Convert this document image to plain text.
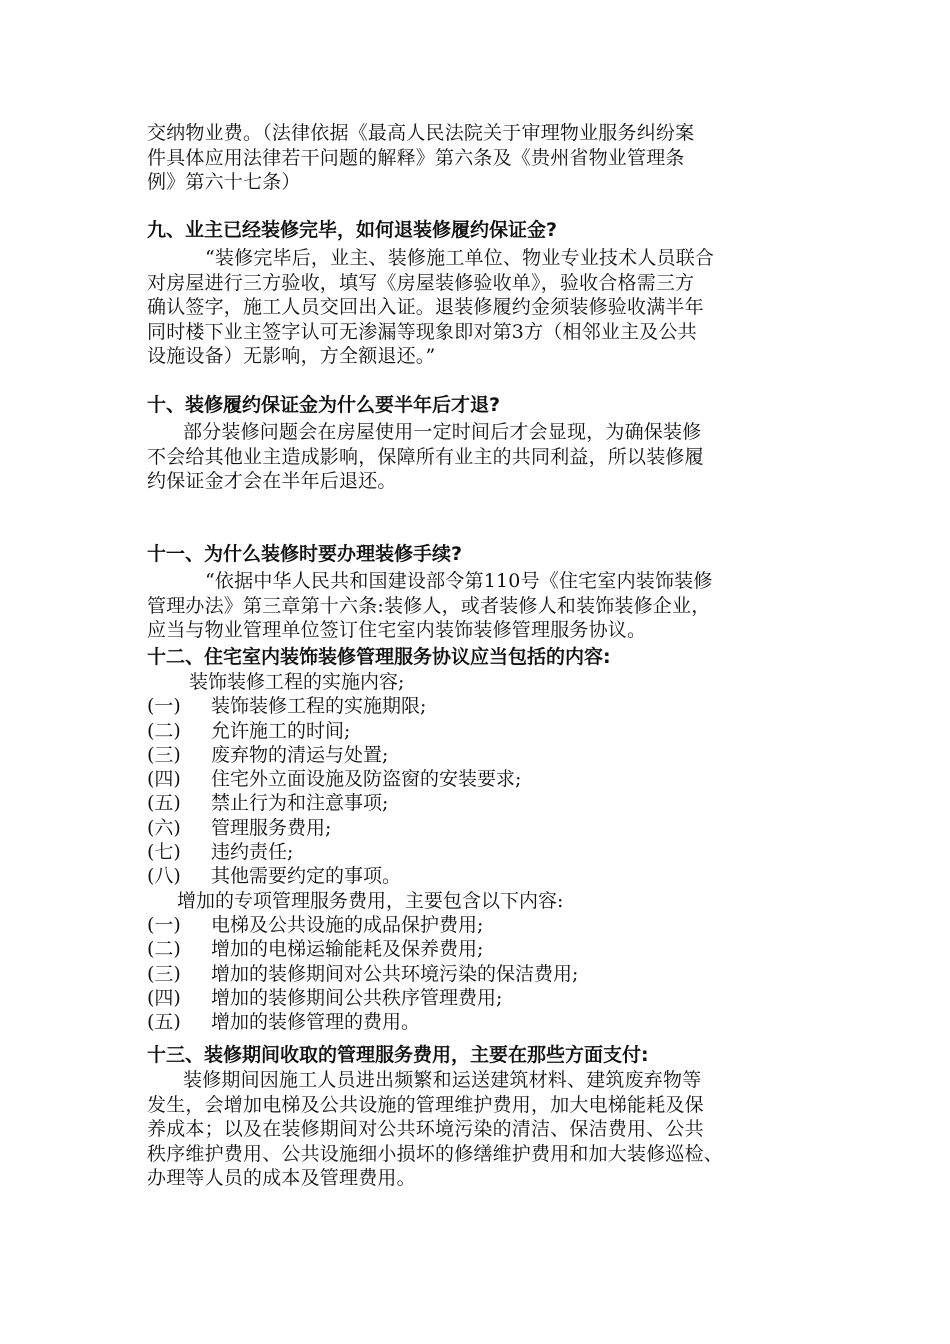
交纳物业费。（法律依据《最高人民法院关于审理物业服务纠纷案
件具体应用法律若干问题的解释》第六条及《贵州省物业管理条
例》第六十七条）
九、业主已经装修完毕，如何退装修履约保证金?
“装修完毕后，业主、装修施工单位、物业专业技术人员联合
对房屋进行三方验收，填写《房屋装修验收单》，验收合格需三方
确认签字，施工人员交回出入证。退装修履约金须装修验收满半年
同时楼下业主签字认可无渗漏等现象即对第3方（相邻业主及公共
设施设备）无影响，方全额退还。”
十、装修履约保证金为什么要半年后才退?
部分装修问题会在房屋使用一定时间后才会显现，为确保装修
不会给其他业主造成影响，保障所有业主的共同利益，所以装修履
约保证金才会在半年后退还。
十一、为什么装修时要办理装修手续?
“依据中华人民共和国建设部令第110号《住宅室内装饰装修
管理办法》第三章第十六条:装修人，或者装修人和装饰装修企业，
应当与物业管理单位签订住宅室内装饰装修管理服务协议。
十二、住宅室内装饰装修管理服务协议应当包括的内容:
装饰装修工程的实施内容;
(一) 装饰装修工程的实施期限;
(二) 允许施工的时间;
(三) 废弃物的清运与处置;
(四) 住宅外立面设施及防盗窗的安装要求;
(五) 禁止行为和注意事项;
(六) 管理服务费用;
(七) 违约责任;
(八) 其他需要约定的事项。
增加的专项管理服务费用，主要包含以下内容:
(一) 电梯及公共设施的成品保护费用;
(二) 增加的电梯运输能耗及保养费用;
(三) 增加的装修期间对公共环境污染的保洁费用;
(四) 增加的装修期间公共秩序管理费用;
(五) 增加的装修管理的费用。
十三、装修期间收取的管理服务费用，主要在那些方面支付:
装修期间因施工人员进出频繁和运送建筑材料、建筑废弃物等
发生，会增加电梯及公共设施的管理维护费用，加大电梯能耗及保
养成本；以及在装修期间对公共环境污染的清洁、保洁费用、公共
秩序维护费用、公共设施细小损坏的修缮维护费用和加大装修巡检、
办理等人员的成本及管理费用。
